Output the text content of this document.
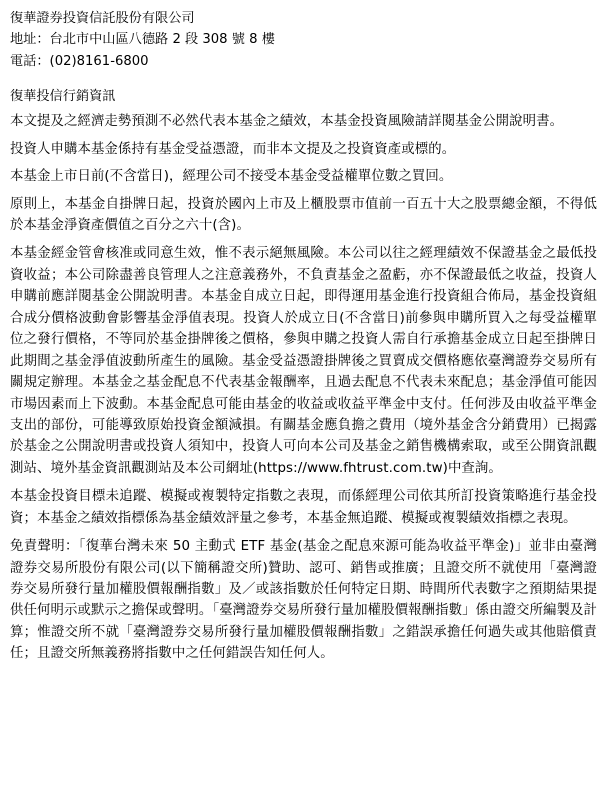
復華證券投資信託股份有限公司
地址：台北市中山區八德路 2 段 308 號 8 樓
電話：(02)8161-6800
復華投信行銷資訊

本文提及之經濟走勢預測不必然代表本基金之績效，本基金投資風險請詳閱基金公開說明書。

投資人申購本基金係持有基金受益憑證，而非本文提及之投資資產或標的。

本基金上市日前(不含當日)，經理公司不接受本基金受益權單位數之買回。

原則上，本基金自掛牌日起，投資於國內上市及上櫃股票市值前一百五十大之股票總金額，不得低於本基金淨資產價值之百分之六十(含)。

本基金經金管會核准或同意生效，惟不表示絕無風險。本公司以往之經理績效不保證基金之最低投資收益；本公司除盡善良管理人之注意義務外，不負責基金之盈虧，亦不保證最低之收益，投資人申購前應詳閱基金公開說明書。本基金自成立日起，即得運用基金進行投資組合佈局，基金投資組合成分價格波動會影響基金淨值表現。投資人於成立日(不含當日)前參與申購所買入之每受益權單位之發行價格，不等同於基金掛牌後之價格，參與申購之投資人需自行承擔基金成立日起至掛牌日此期間之基金淨值波動所產生的風險。基金受益憑證掛牌後之買賣成交價格應依臺灣證券交易所有關規定辦理。本基金之基金配息不代表基金報酬率，且過去配息不代表未來配息；基金淨值可能因市場因素而上下波動。本基金配息可能由基金的收益或收益平準金中支付。任何涉及由收益平準金支出的部份，可能導致原始投資金額減損。有關基金應負擔之費用（境外基金含分銷費用）已揭露於基金之公開說明書或投資人須知中，投資人可向本公司及基金之銷售機構索取，或至公開資訊觀測站、境外基金資訊觀測站及本公司網址(https://www.fhtrust.com.tw)中查詢。

本基金投資目標未追蹤、模擬或複製特定指數之表現，而係經理公司依其所訂投資策略進行基金投資；本基金之績效指標係為基金績效評量之參考，本基金無追蹤、模擬或複製績效指標之表現。

免責聲明：「復華台灣未來 50 主動式 ETF 基金(基金之配息來源可能為收益平準金)」並非由臺灣證券交易所股份有限公司(以下簡稱證交所)贊助、認可、銷售或推廣；且證交所不就使用「臺灣證券交易所發行量加權股價報酬指數」及／或該指數於任何特定日期、時間所代表數字之預期結果提供任何明示或默示之擔保或聲明。「臺灣證券交易所發行量加權股價報酬指數」係由證交所編製及計算；惟證交所不就「臺灣證券交易所發行量加權股價報酬指數」之錯誤承擔任何過失或其他賠償責任；且證交所無義務將指數中之任何錯誤告知任何人。
